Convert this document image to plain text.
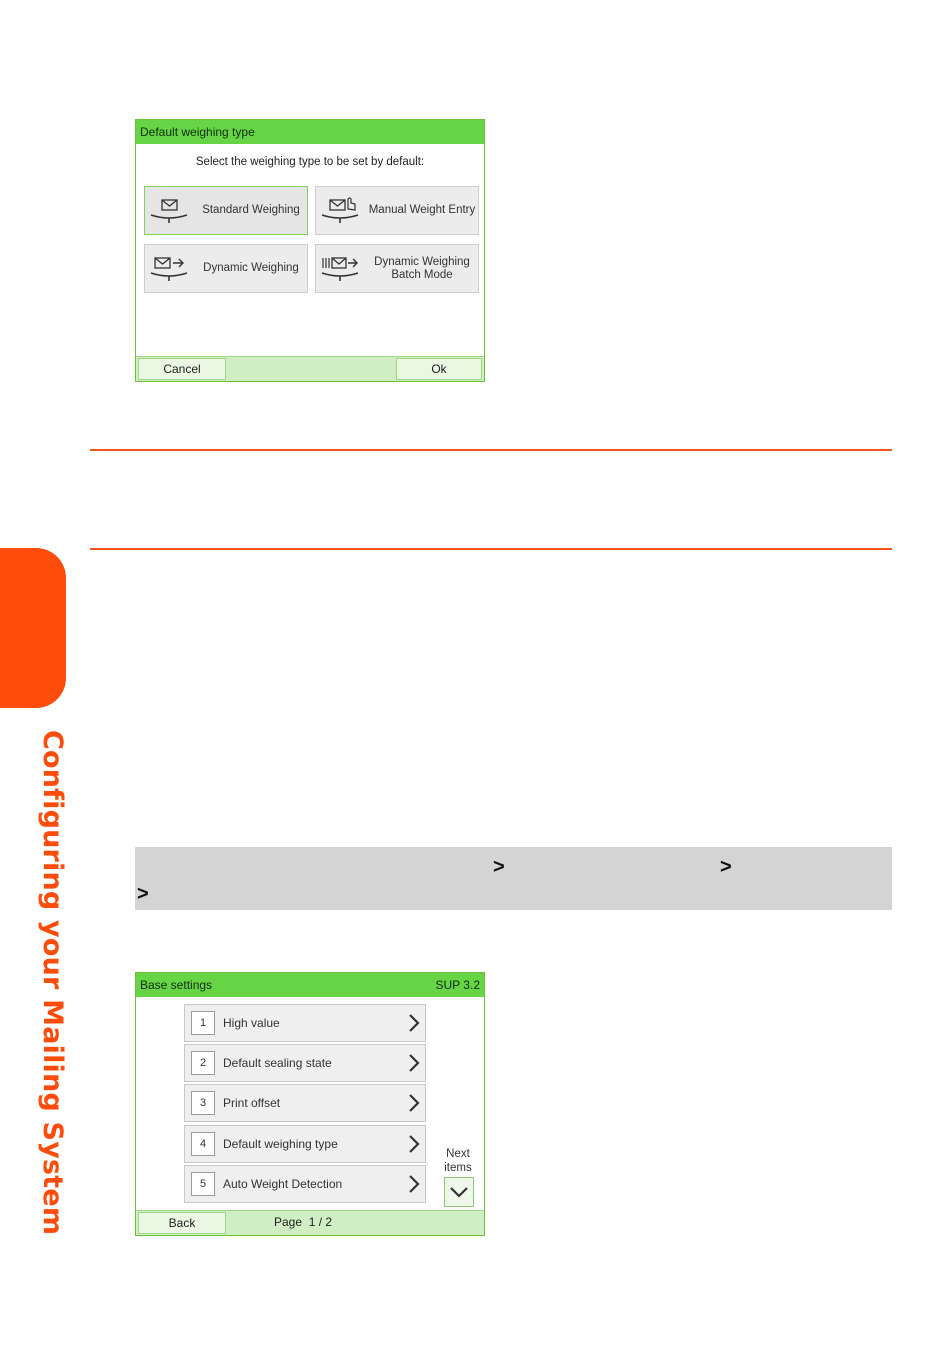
Configuring your Mailing System
Default weighing type
Select the weighing type to be set by default:
Standard Weighing	Manual Weight Entry
Dynamic Weighing
Dynamic Weighing
Batch Mode
Cancel	Ok
>	>
>
Base settings	SUP 3.2
1	High value
2	Default sealing state
3	Print offset
4	Default weighing type
5	Auto Weight Detection
Next
items
Back	Page 1 / 2
